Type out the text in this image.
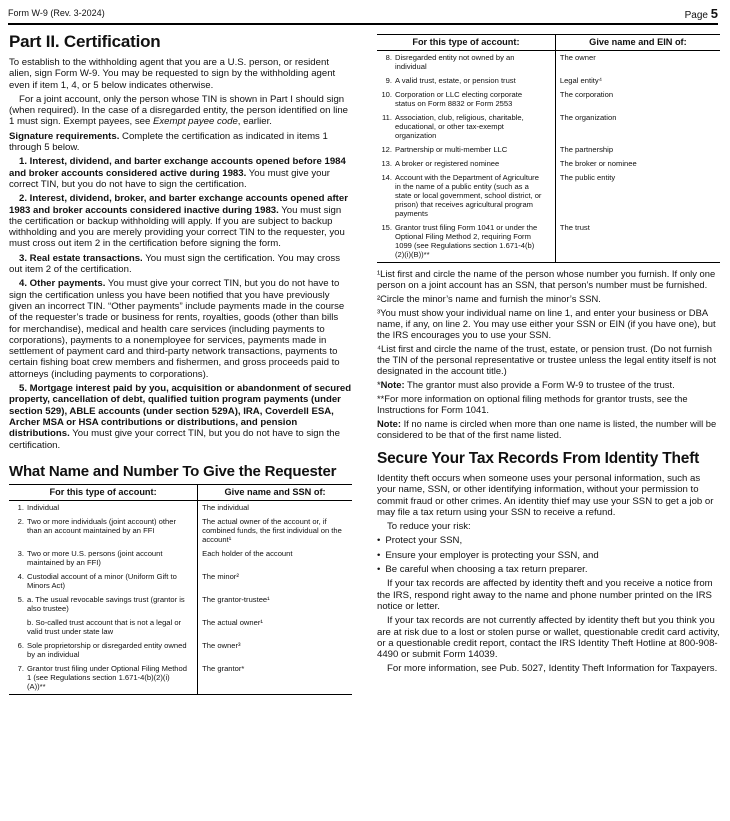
Form W-9 (Rev. 3-2024)	Page 5
Part II. Certification

To establish to the withholding agent that you are a U.S. person, or resident alien, sign Form W-9. You may be requested to sign by the withholding agent even if item 1, 4, or 5 below indicates otherwise.

For a joint account, only the person whose TIN is shown in Part I should sign (when required). In the case of a disregarded entity, the person identified on line 1 must sign. Exempt payees, see Exempt payee code, earlier.

Signature requirements. Complete the certification as indicated in items 1 through 5 below.

1. Interest, dividend, and barter exchange accounts opened before 1984 and broker accounts considered active during 1983. You must give your correct TIN, but you do not have to sign the certification.

2. Interest, dividend, broker, and barter exchange accounts opened after 1983 and broker accounts considered inactive during 1983. You must sign the certification or backup withholding will apply. If you are subject to backup withholding and you are merely providing your correct TIN to the requester, you must cross out item 2 in the certification before signing the form.

3. Real estate transactions. You must sign the certification. You may cross out item 2 of the certification.

4. Other payments. You must give your correct TIN, but you do not have to sign the certification unless you have been notified that you have previously given an incorrect TIN. “Other payments” include payments made in the course of the requester’s trade or business for rents, royalties, goods (other than bills for merchandise), medical and health care services (including payments to corporations), payments to a nonemployee for services, payments made in settlement of payment card and third-party network transactions, payments to certain fishing boat crew members and fishermen, and gross proceeds paid to attorneys (including payments to corporations).

5. Mortgage interest paid by you, acquisition or abandonment of secured property, cancellation of debt, qualified tuition program payments (under section 529), ABLE accounts (under section 529A), IRA, Coverdell ESA, Archer MSA or HSA contributions or distributions, and pension distributions. You must give your correct TIN, but you do not have to sign the certification.

What Name and Number To Give the Requester
For this type of account:	Give name and SSN of:
1. Individual	The individual
2. Two or more individuals (joint account) other than an account maintained by an FFI	The actual owner of the account or, if combined funds, the first individual on the account¹
3. Two or more U.S. persons (joint account maintained by an FFI)	Each holder of the account
4. Custodial account of a minor (Uniform Gift to Minors Act)	The minor²
5. a. The usual revocable savings trust (grantor is also trustee)	The grantor-trustee¹
b. So-called trust account that is not a legal or valid trust under state law	The actual owner¹
6. Sole proprietorship or disregarded entity owned by an individual	The owner³
7. Grantor trust filing under Optional Filing Method 1 (see Regulations section 1.671-4(b)(2)(i)(A))**	The grantor*
For this type of account:	Give name and EIN of:
8. Disregarded entity not owned by an individual	The owner
9. A valid trust, estate, or pension trust	Legal entity⁴
10. Corporation or LLC electing corporate status on Form 8832 or Form 2553	The corporation
11. Association, club, religious, charitable, educational, or other tax-exempt organization	The organization
12. Partnership or multi-member LLC	The partnership
13. A broker or registered nominee	The broker or nominee
14. Account with the Department of Agriculture in the name of a public entity (such as a state or local government, school district, or prison) that receives agricultural program payments	The public entity
15. Grantor trust filing Form 1041 or under the Optional Filing Method 2, requiring Form 1099 (see Regulations section 1.671-4(b)(2)(i)(B))**	The trust

¹List first and circle the name of the person whose number you furnish. If only one person on a joint account has an SSN, that person’s number must be furnished.

²Circle the minor’s name and furnish the minor’s SSN.

³You must show your individual name on line 1, and enter your business or DBA name, if any, on line 2. You may use either your SSN or EIN (if you have one), but the IRS encourages you to use your SSN.

⁴List first and circle the name of the trust, estate, or pension trust. (Do not furnish the TIN of the personal representative or trustee unless the legal entity itself is not designated in the account title.)

*Note: The grantor must also provide a Form W-9 to trustee of the trust.

**For more information on optional filing methods for grantor trusts, see the Instructions for Form 1041.

Note: If no name is circled when more than one name is listed, the number will be considered to be that of the first name listed.

Secure Your Tax Records From Identity Theft

Identity theft occurs when someone uses your personal information, such as your name, SSN, or other identifying information, without your permission to commit fraud or other crimes. An identity thief may use your SSN to get a job or may file a tax return using your SSN to receive a refund.

To reduce your risk:

• Protect your SSN,

• Ensure your employer is protecting your SSN, and

• Be careful when choosing a tax return preparer.

If your tax records are affected by identity theft and you receive a notice from the IRS, respond right away to the name and phone number printed on the IRS notice or letter.

If your tax records are not currently affected by identity theft but you think you are at risk due to a lost or stolen purse or wallet, questionable credit card activity, or a questionable credit report, contact the IRS Identity Theft Hotline at 800-908-4490 or submit Form 14039.

For more information, see Pub. 5027, Identity Theft Information for Taxpayers.
